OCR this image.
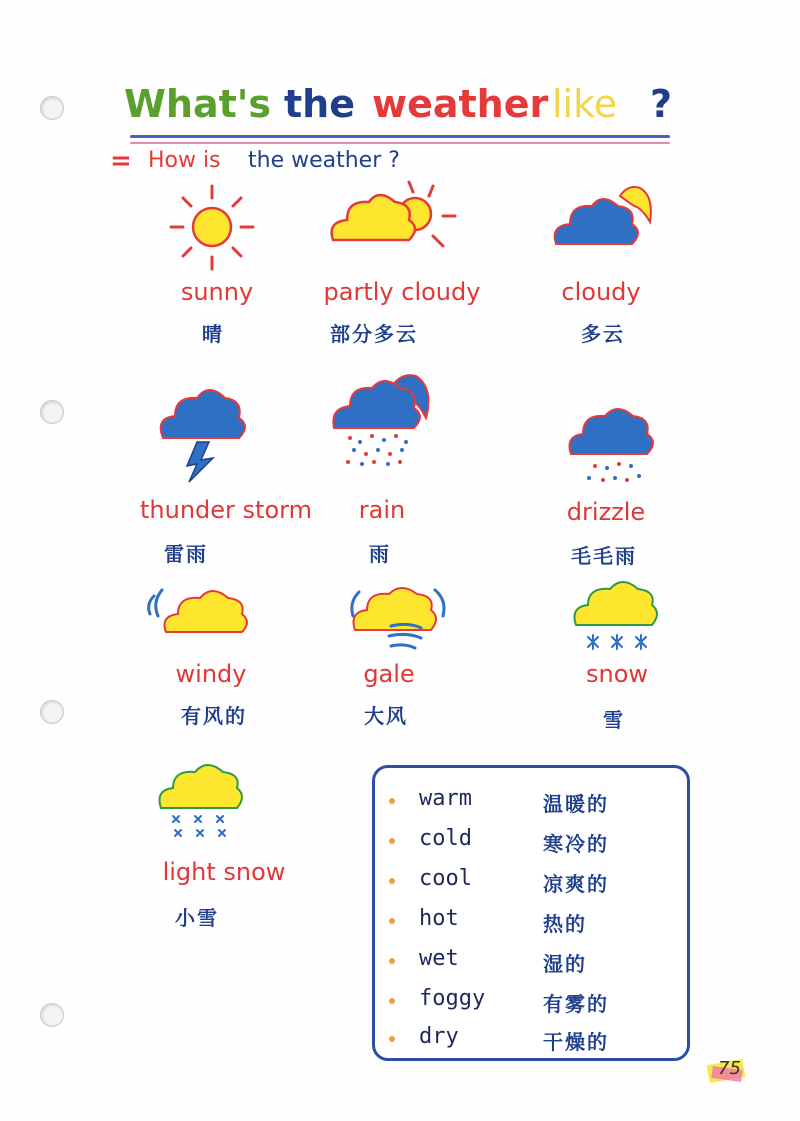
What's the weather like ?
= How is the weather ?
sunny
晴
partly cloudy
部分多云
cloudy
多云
thunder storm
雷雨
rain
雨
drizzle
毛毛雨
windy
有风的
gale
大风
snow
雪
light snow
小雪
warm	温暖的
cold	寒冷的
cool	凉爽的
hot	热的
wet	湿的
foggy	有雾的
dry	干燥的
75
